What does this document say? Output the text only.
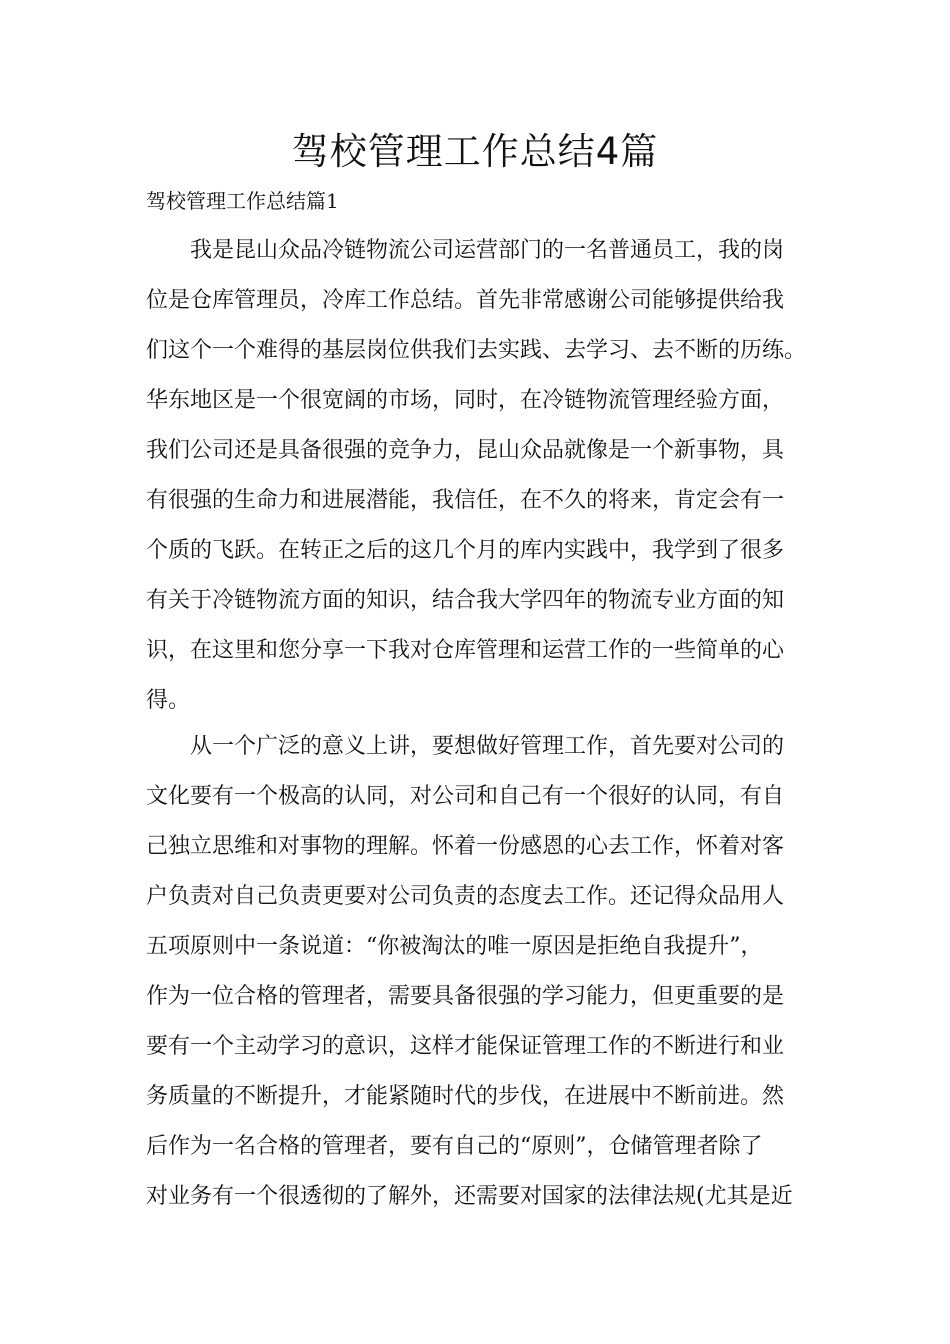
驾校管理工作总结4篇

驾校管理工作总结篇1

我是昆山众品冷链物流公司运营部门的一名普通员工，我的岗
位是仓库管理员，冷库工作总结。首先非常感谢公司能够提供给我
们这个一个难得的基层岗位供我们去实践、去学习、去不断的历练。
华东地区是一个很宽阔的市场，同时，在冷链物流管理经验方面，
我们公司还是具备很强的竞争力，昆山众品就像是一个新事物，具
有很强的生命力和进展潜能，我信任，在不久的将来，肯定会有一
个质的飞跃。在转正之后的这几个月的库内实践中，我学到了很多
有关于冷链物流方面的知识，结合我大学四年的物流专业方面的知
识，在这里和您分享一下我对仓库管理和运营工作的一些简单的心
得。
从一个广泛的意义上讲，要想做好管理工作，首先要对公司的
文化要有一个极高的认同，对公司和自己有一个很好的认同，有自
己独立思维和对事物的理解。怀着一份感恩的心去工作，怀着对客
户负责对自己负责更要对公司负责的态度去工作。还记得众品用人
五项原则中一条说道：“你被淘汰的唯一原因是拒绝自我提升”，
作为一位合格的管理者，需要具备很强的学习能力，但更重要的是
要有一个主动学习的意识，这样才能保证管理工作的不断进行和业
务质量的不断提升，才能紧随时代的步伐，在进展中不断前进。然
后作为一名合格的管理者，要有自己的“原则”，仓储管理者除了
对业务有一个很透彻的了解外，还需要对国家的法律法规(尤其是近
